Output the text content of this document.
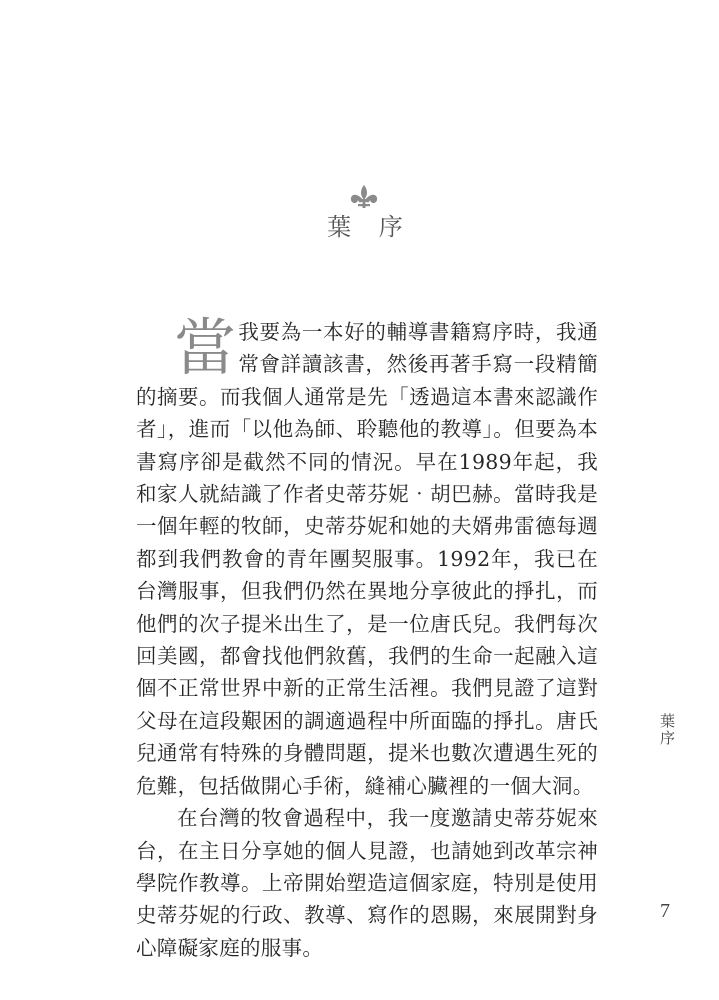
葉 序

當我要為一本好的輔導書籍寫序時，我通常會詳讀該書，然後再著手寫一段精簡的摘要。而我個人通常是先「透過這本書來認識作者」，進而「以他為師、聆聽他的教導」。但要為本書寫序卻是截然不同的情況。早在1989年起，我和家人就結識了作者史蒂芬妮‧胡巴赫。當時我是一個年輕的牧師，史蒂芬妮和她的夫婿弗雷德每週都到我們教會的青年團契服事。1992年，我已在台灣服事，但我們仍然在異地分享彼此的掙扎，而他們的次子提米出生了，是一位唐氏兒。我們每次回美國，都會找他們敘舊，我們的生命一起融入這個不正常世界中新的正常生活裡。我們見證了這對父母在這段艱困的調適過程中所面臨的掙扎。唐氏兒通常有特殊的身體問題，提米也數次遭遇生死的危難，包括做開心手術，縫補心臟裡的一個大洞。

在台灣的牧會過程中，我一度邀請史蒂芬妮來台，在主日分享她的個人見證，也請她到改革宗神學院作教導。上帝開始塑造這個家庭，特別是使用史蒂芬妮的行政、教導、寫作的恩賜，來展開對身心障礙家庭的服事。

葉序
7
